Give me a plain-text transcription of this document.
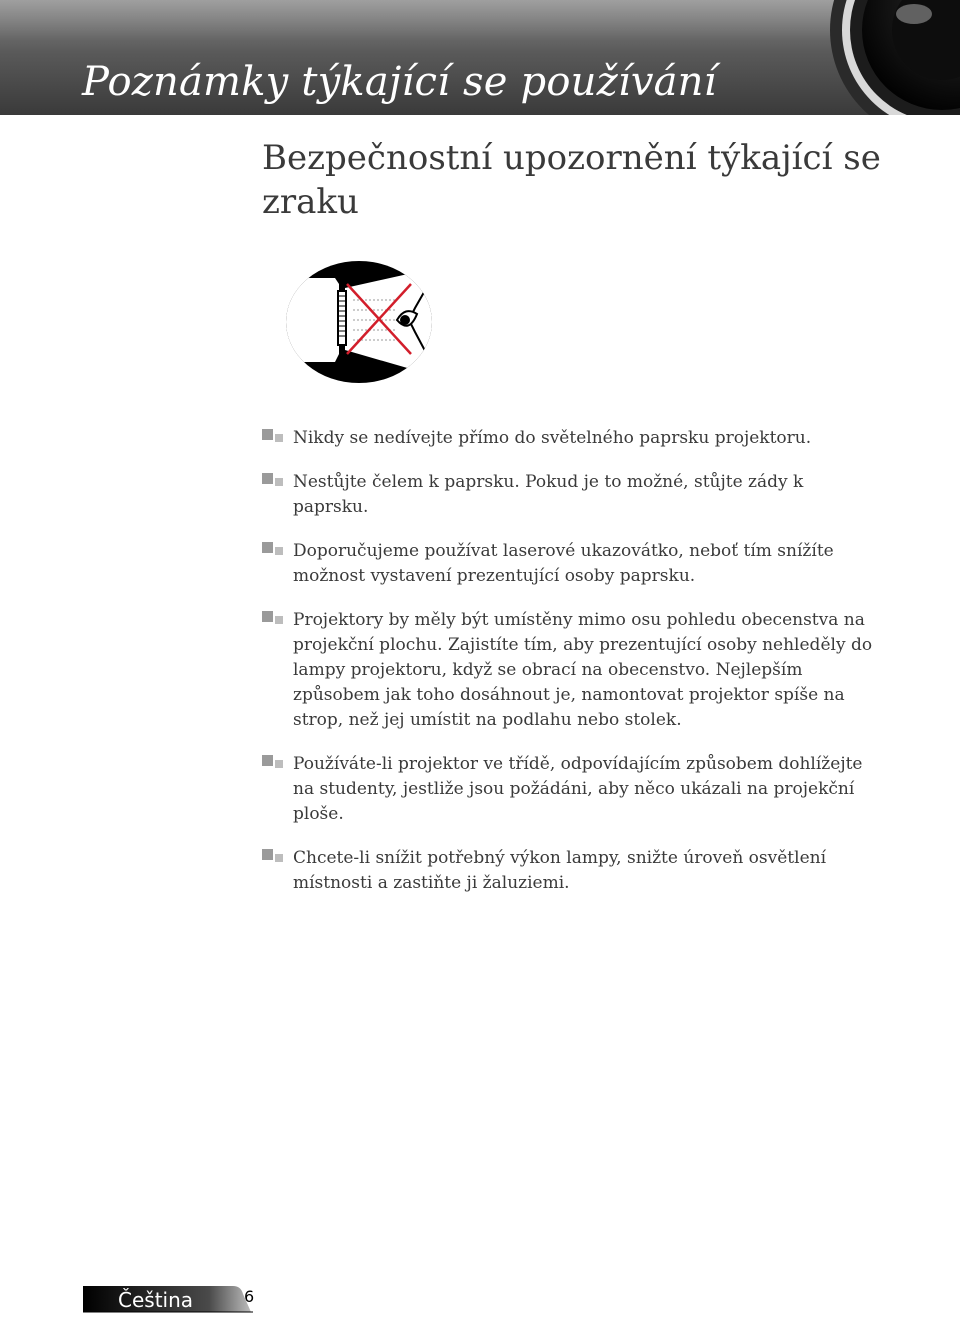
Poznámky týkající se používání
Bezpečnostní upozornění týkající se zraku
Nikdy se nedívejte přímo do světelného paprsku projektoru.
Nestůjte čelem k paprsku. Pokud je to možné, stůjte zády k paprsku.
Doporučujeme používat laserové ukazovátko, neboť tím snížíte možnost vystavení prezentující osoby paprsku.
Projektory by měly být umístěny mimo osu pohledu obecenstva na projekční plochu. Zajistíte tím, aby prezentující osoby nehleděly do lampy projektoru, když se obrací na obecenstvo. Nejlepším způsobem jak toho dosáhnout je, namontovat projektor spíše na strop, než jej umístit na podlahu nebo stolek.
Používáte-li projektor ve třídě, odpovídajícím způsobem dohlížejte na studenty, jestliže jsou požádáni, aby něco ukázali na projekční ploše.
Chcete-li snížit potřebný výkon lampy, snižte úroveň osvětlení místnosti a zastiňte ji žaluziemi.
Čeština	6
